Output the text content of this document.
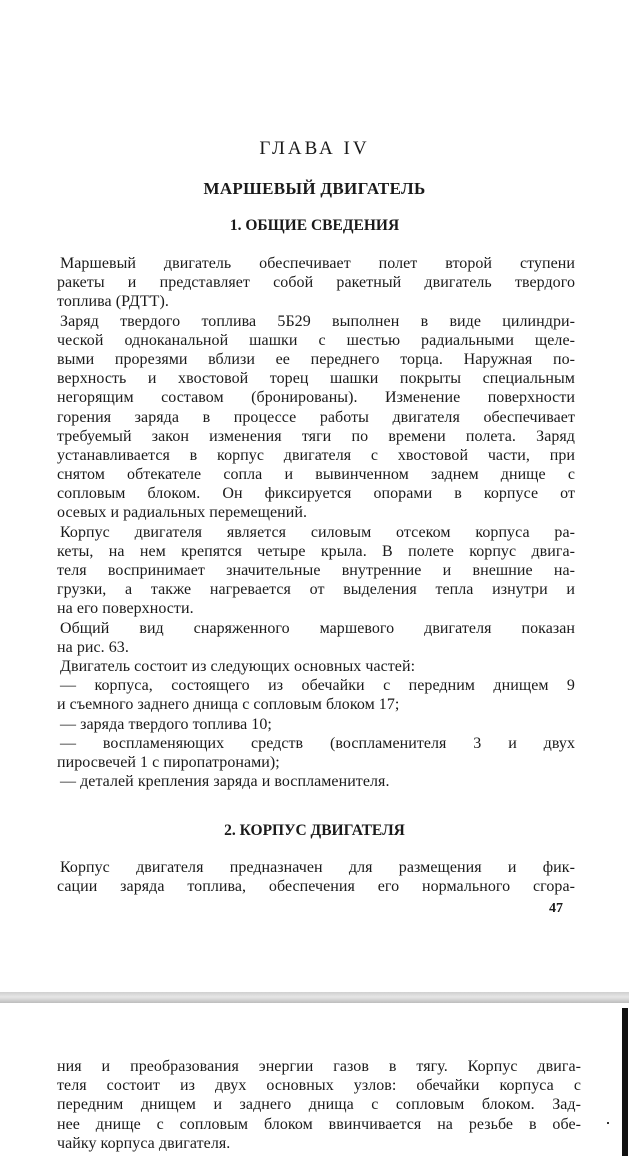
ГЛАВА IV
МАРШЕВЫЙ ДВИГАТЕЛЬ
1. ОБЩИЕ СВЕДЕНИЯ
Маршевый двигатель обеспечивает полет второй ступени
ракеты и представляет собой ракетный двигатель твердого
топлива (РДТТ).
Заряд твердого топлива 5Б29 выполнен в виде цилиндри-
ческой одноканальной шашки с шестью радиальными щеле-
выми прорезями вблизи ее переднего торца. Наружная по-
верхность и хвостовой торец шашки покрыты специальным
негорящим составом (бронированы). Изменение поверхности
горения заряда в процессе работы двигателя обеспечивает
требуемый закон изменения тяги по времени полета. Заряд
устанавливается в корпус двигателя с хвостовой части, при
снятом обтекателе сопла и вывинченном заднем днище с
сопловым блоком. Он фиксируется опорами в корпусе от
осевых и радиальных перемещений.
Корпус двигателя является силовым отсеком корпуса ра-
кеты, на нем крепятся четыре крыла. В полете корпус двига-
теля воспринимает значительные внутренние и внешние на-
грузки, а также нагревается от выделения тепла изнутри и
на его поверхности.
Общий вид снаряженного маршевого двигателя показан
на рис. 63.
Двигатель состоит из следующих основных частей:
— корпуса, состоящего из обечайки с передним днищем 9
и съемного заднего днища с сопловым блоком 17;
— заряда твердого топлива 10;
— воспламеняющих средств (воспламенителя 3 и двух
пиросвечей 1 с пиропатронами);
— деталей крепления заряда и воспламенителя.
2. КОРПУС ДВИГАТЕЛЯ
Корпус двигателя предназначен для размещения и фик-
сации заряда топлива, обеспечения его нормального сгора-
47
ния и преобразования энергии газов в тягу. Корпус двига-
теля состоит из двух основных узлов: обечайки корпуса с
передним днищем и заднего днища с сопловым блоком. Зад-
нее днище с сопловым блоком ввинчивается на резьбе в обе-
чайку корпуса двигателя.
